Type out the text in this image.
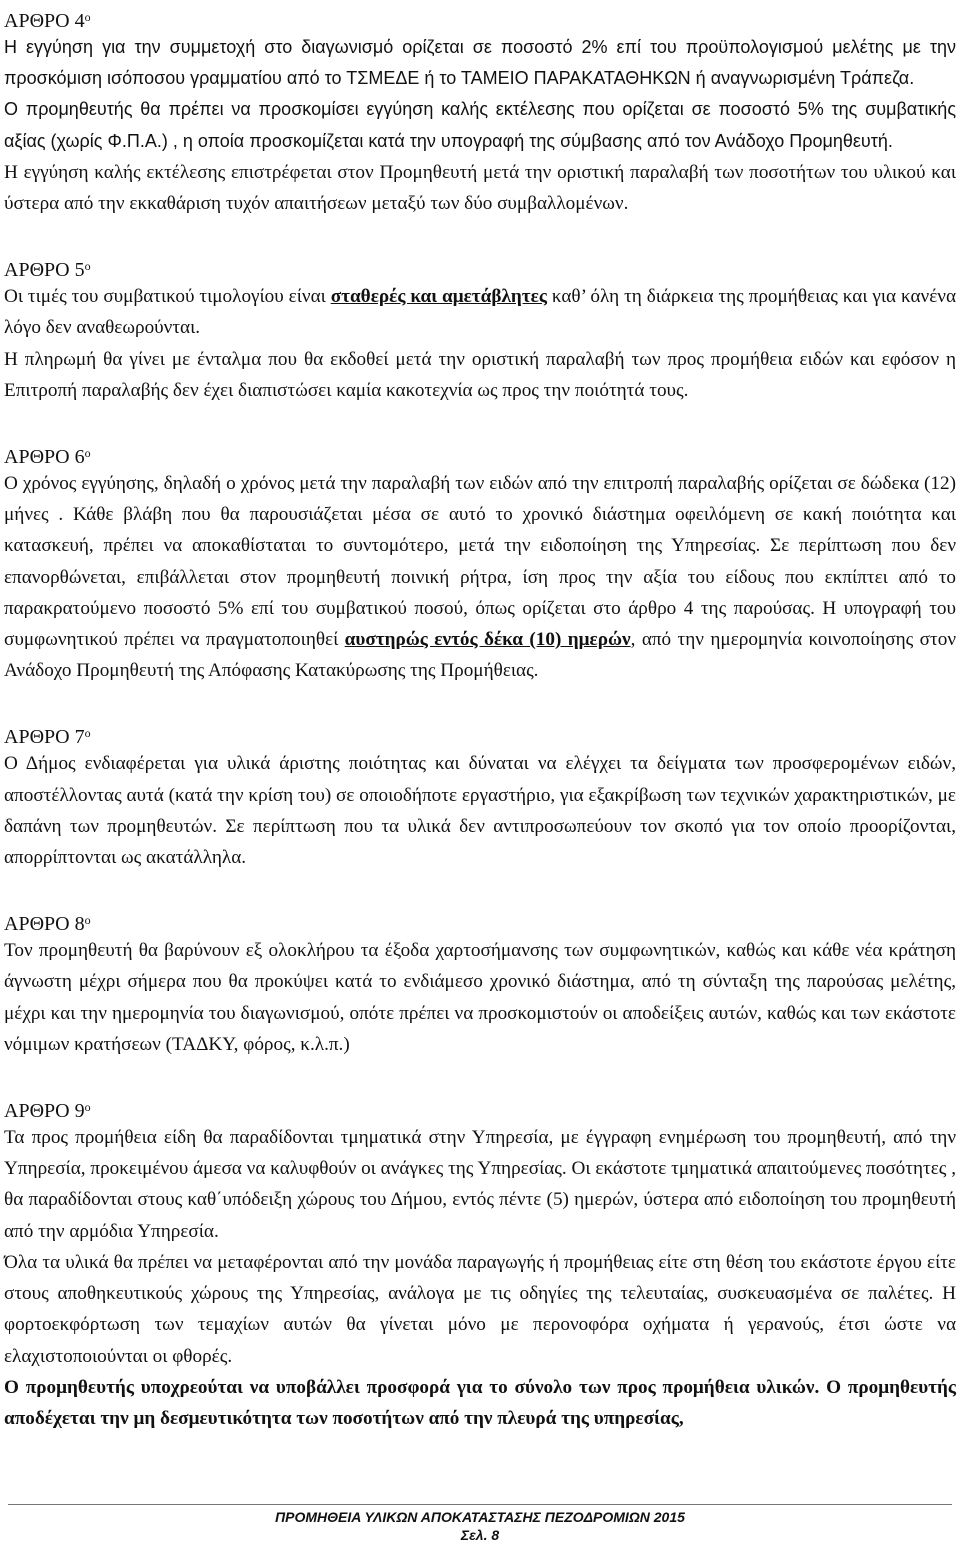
ΑΡΘΡΟ $4^o$

Η εγγύηση για την συμμετοχή στο διαγωνισμό ορίζεται σε ποσοστό 2% επί του προϋπολογισμού μελέτης με την προσκόμιση ισόποσου γραμματίου από το ΤΣΜΕΔΕ ή το ΤΑΜΕΙΟ ΠΑΡΑΚΑΤΑΘΗΚΩΝ ή αναγνωρισμένη Τράπεζα.

Ο προμηθευτής θα πρέπει να προσκομίσει εγγύηση καλής εκτέλεσης που ορίζεται σε ποσοστό 5% της συμβατικής αξίας (χωρίς Φ.Π.Α.) , η οποία προσκομίζεται κατά την υπογραφή της σύμβασης από τον Ανάδοχο Προμηθευτή.

Η εγγύηση καλής εκτέλεσης επιστρέφεται στον Προμηθευτή μετά την οριστική παραλαβή των ποσοτήτων του υλικού και ύστερα από την εκκαθάριση τυχόν απαιτήσεων μεταξύ των δύο συμβαλλομένων.

ΑΡΘΡΟ $5^o$

Οι τιμές του συμβατικού τιμολογίου είναι σταθερές και αμετάβλητες καθ’ όλη τη διάρκεια της προμήθειας και για κανένα λόγο δεν αναθεωρούνται.

Η πληρωμή θα γίνει με ένταλμα που θα εκδοθεί μετά την οριστική παραλαβή των προς προμήθεια ειδών και εφόσον η Επιτροπή παραλαβής δεν έχει διαπιστώσει καμία κακοτεχνία ως προς την ποιότητά τους.

ΑΡΘΡΟ $6^o$

Ο χρόνος εγγύησης, δηλαδή ο χρόνος μετά την παραλαβή των ειδών από την επιτροπή παραλαβής ορίζεται σε δώδεκα (12) μήνες . Κάθε βλάβη που θα παρουσιάζεται μέσα σε αυτό το χρονικό διάστημα οφειλόμενη σε κακή ποιότητα και κατασκευή, πρέπει να αποκαθίσταται το συντομότερο, μετά την ειδοποίηση της Υπηρεσίας. Σε περίπτωση που δεν επανορθώνεται, επιβάλλεται στον προμηθευτή ποινική ρήτρα, ίση προς την αξία του είδους που εκπίπτει από το παρακρατούμενο ποσοστό 5% επί του συμβατικού ποσού, όπως ορίζεται στο άρθρο 4 της παρούσας. Η υπογραφή του συμφωνητικού πρέπει να πραγματοποιηθεί αυστηρώς εντός δέκα (10) ημερών, από την ημερομηνία κοινοποίησης στον Ανάδοχο Προμηθευτή της Απόφασης Κατακύρωσης της Προμήθειας.

ΑΡΘΡΟ $7^o$

Ο Δήμος ενδιαφέρεται για υλικά άριστης ποιότητας και δύναται να ελέγχει τα δείγματα των προσφερομένων ειδών, αποστέλλοντας αυτά (κατά την κρίση του) σε οποιοδήποτε εργαστήριο, για εξακρίβωση των τεχνικών χαρακτηριστικών, με δαπάνη των προμηθευτών. Σε περίπτωση που τα υλικά δεν αντιπροσωπεύουν τον σκοπό για τον οποίο προορίζονται, απορρίπτονται ως ακατάλληλα.

ΑΡΘΡΟ $8^o$

Τον προμηθευτή θα βαρύνουν εξ ολοκλήρου τα έξοδα χαρτοσήμανσης των συμφωνητικών, καθώς και κάθε νέα κράτηση άγνωστη μέχρι σήμερα που θα προκύψει κατά το ενδιάμεσο χρονικό διάστημα, από τη σύνταξη της παρούσας μελέτης, μέχρι και την ημερομηνία του διαγωνισμού, οπότε πρέπει να προσκομιστούν οι αποδείξεις αυτών, καθώς και των εκάστοτε νόμιμων κρατήσεων (ΤΑΔΚΥ, φόρος, κ.λ.π.)

ΑΡΘΡΟ $9^o$

Τα προς προμήθεια είδη θα παραδίδονται τμηματικά στην Υπηρεσία, με έγγραφη ενημέρωση του προμηθευτή, από την Υπηρεσία, προκειμένου άμεσα να καλυφθούν οι ανάγκες της Υπηρεσίας. Οι εκάστοτε τμηματικά απαιτούμενες ποσότητες , θα παραδίδονται στους καθ΄υπόδειξη χώρους του Δήμου, εντός πέντε (5) ημερών, ύστερα από ειδοποίηση του προμηθευτή από την αρμόδια Υπηρεσία.

Όλα τα υλικά θα πρέπει να μεταφέρονται από την μονάδα παραγωγής ή προμήθειας είτε στη θέση του εκάστοτε έργου είτε στους αποθηκευτικούς χώρους της Υπηρεσίας, ανάλογα με τις οδηγίες της τελευταίας, συσκευασμένα σε παλέτες. Η φορτοεκφόρτωση των τεμαχίων αυτών θα γίνεται μόνο με περονοφόρα οχήματα ή γερανούς, έτσι ώστε να ελαχιστοποιούνται οι φθορές.

Ο προμηθευτής υποχρεούται να υποβάλλει προσφορά για το σύνολο των προς προμήθεια υλικών. Ο προμηθευτής αποδέχεται την μη δεσμευτικότητα των ποσοτήτων από την πλευρά της υπηρεσίας,

ΠΡΟΜΗΘΕΙΑ ΥΛΙΚΩΝ ΑΠΟΚΑΤΑΣΤΑΣΗΣ ΠΕΖΟΔΡΟΜΙΩΝ 2015
Σελ. 8
